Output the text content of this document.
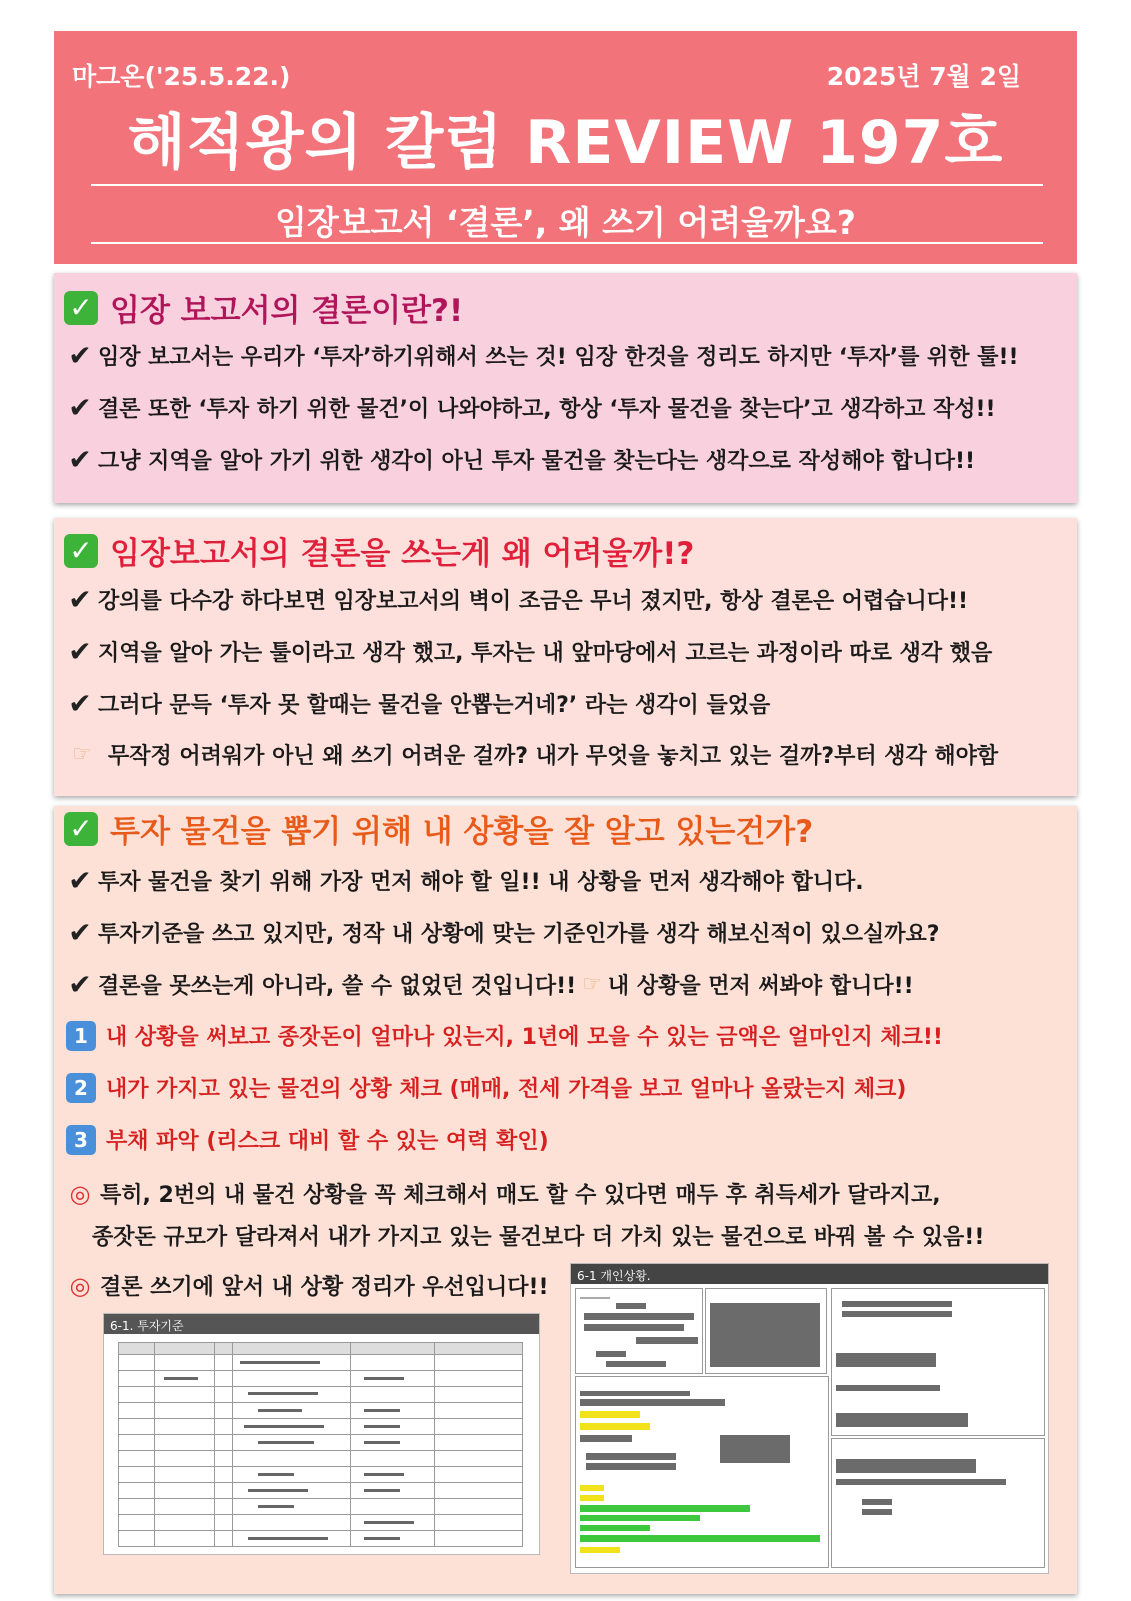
마그온('25.5.22.)	2025년 7월 2일
해적왕의 칼럼 REVIEW 197호
임장보고서 ‘결론’, 왜 쓰기 어려울까요?
✓ 임장 보고서의 결론이란?!
✔ 임장 보고서는 우리가 ‘투자’하기위해서 쓰는 것! 임장 한것을 정리도 하지만 ‘투자’를 위한 툴!!
✔ 결론 또한 ‘투자 하기 위한 물건’이 나와야하고, 항상 ‘투자 물건을 찾는다’고 생각하고 작성!!
✔ 그냥 지역을 알아 가기 위한 생각이 아닌 투자 물건을 찾는다는 생각으로 작성해야 합니다!!
✓ 임장보고서의 결론을 쓰는게 왜 어려울까!?
✔ 강의를 다수강 하다보면 임장보고서의 벽이 조금은 무너 졌지만, 항상 결론은 어렵습니다!!
✔ 지역을 알아 가는 툴이라고 생각 했고, 투자는 내 앞마당에서 고르는 과정이라 따로 생각 했음
✔ 그러다 문득 ‘투자 못 할때는 물건을 안뽑는거네?’ 라는 생각이 들었음
☞ 무작정 어려워가 아닌 왜 쓰기 어려운 걸까? 내가 무엇을 놓치고 있는 걸까?부터 생각 해야함
✓ 투자 물건을 뽑기 위해 내 상황을 잘 알고 있는건가?
✔ 투자 물건을 찾기 위해 가장 먼저 해야 할 일!! 내 상황을 먼저 생각해야 합니다.
✔ 투자기준을 쓰고 있지만, 정작 내 상황에 맞는 기준인가를 생각 해보신적이 있으실까요?
✔ 결론을 못쓰는게 아니라, 쓸 수 없었던 것입니다!! ☞ 내 상황을 먼저 써봐야 합니다!!
1 내 상황을 써보고 종잣돈이 얼마나 있는지, 1년에 모을 수 있는 금액은 얼마인지 체크!!
2 내가 가지고 있는 물건의 상황 체크 (매매, 전세 가격을 보고 얼마나 올랐는지 체크)
3 부채 파악 (리스크 대비 할 수 있는 여력 확인)
◎ 특히, 2번의 내 물건 상황을 꼭 체크해서 매도 할 수 있다면 매두 후 취득세가 달라지고,
종잣돈 규모가 달라져서 내가 가지고 있는 물건보다 더 가치 있는 물건으로 바꿔 볼 수 있음!!
◎ 결론 쓰기에 앞서 내 상황 정리가 우선입니다!!
6-1. 투자기준
6-1 개인상황.
